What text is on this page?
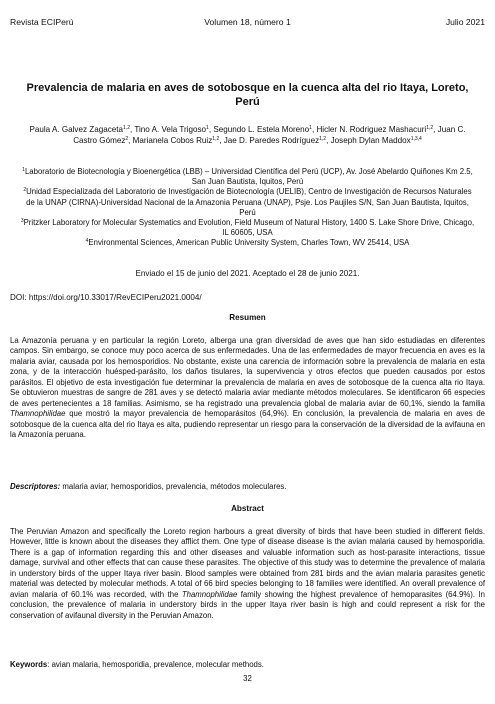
Revista ECIPerú	Volumen 18, número 1	Julio 2021
Prevalencia de malaria en aves de sotobosque en la cuenca alta del rio Itaya, Loreto, Perú
Paula A. Galvez Zagaceta$^{1,2}$, Tino A. Vela Trigoso$^1$, Segundo L. Estela Moreno$^1$, Hicler N. Rodriguez Mashacuri$^{1,2}$, Juan C. Castro Gómez$^2$, Marianela Cobos Ruiz$^{1,2}$, Jae D. Paredes Rodríguez$^{1,2}$, Joseph Dylan Maddox$^{1,3,4}$

$^1$Laboratorio de Biotecnología y Bioenergética (LBB) – Universidad Científica del Perú (UCP), Av. José Abelardo Quiñones Km 2.5, San Juan Bautista, Iquitos, Perú

$^2$Unidad Especializada del Laboratorio de Investigación de Biotecnología (UELIB), Centro de Investigación de Recursos Naturales de la UNAP (CIRNA)-Universidad Nacional de la Amazonia Peruana (UNAP), Psje. Los Paujiles S/N, San Juan Bautista, Iquitos, Perú

$^3$Pritzker Laboratory for Molecular Systematics and Evolution, Field Museum of Natural History, 1400 S. Lake Shore Drive, Chicago, IL 60605, USA

$^4$Environmental Sciences, American Public University System, Charles Town, WV 25414, USA

Enviado el 15 de junio del 2021. Aceptado el 28 de junio 2021.
DOI: https://doi.org/10.33017/RevECIPeru2021.0004/
Resumen

La Amazonía peruana y en particular la región Loreto, alberga una gran diversidad de aves que han sido estudiadas en diferentes campos. Sin embargo, se conoce muy poco acerca de sus enfermedades. Una de las enfermedades de mayor frecuencia en aves es la malaria aviar, causada por los hemosporidios. No obstante, existe una carencia de información sobre la prevalencia de malaria en esta zona, y de la interacción huésped-parásito, los daños tisulares, la supervivencia y otros efectos que pueden causados por estos parásitos. El objetivo de esta investigación fue determinar la prevalencia de malaria en aves de sotobosque de la cuenca alta rio Itaya. Se obtuvieron muestras de sangre de 281 aves y se detectó malaria aviar mediante métodos moleculares. Se identificaron 66 especies de aves pertenecientes a 18 familias. Asimismo, se ha registrado una prevalencia global de malaria aviar de 60,1%, siendo la familia Thamnophilidae que mostró la mayor prevalencia de hemoparásitos (64,9%). En conclusión, la prevalencia de malaria en aves de sotobosque de la cuenca alta del rio Itaya es alta, pudiendo representar un riesgo para la conservación de la diversidad de la avifauna en la Amazonía peruana.

Descriptores: malaria aviar, hemosporidios, prevalencia, métodos moleculares.

Abstract

The Peruvian Amazon and specifically the Loreto region harbours a great diversity of birds that have been studied in different fields. However, little is known about the diseases they afflict them. One type of disease disease is the avian malaria caused by hemosporidia. There is a gap of information regarding this and other diseases and valuable information such as host-parasite interactions, tissue damage, survival and other effects that can cause these parasites. The objective of this study was to determine the prevalence of malaria in understory birds of the upper Itaya river basin. Blood samples were obtained from 281 birds and the avian malaria parasites genetic material was detected by molecular methods. A total of 66 bird species belonging to 18 families were identified. An overall prevalence of avian malaria of 60.1% was recorded, with the Thamnophilidae family showing the highest prevalence of hemoparasites (64.9%). In conclusion, the prevalence of malaria in understory birds in the upper Itaya river basin is high and could represent a risk for the conservation of avifaunal diversity in the Peruvian Amazon.

Keywords: avian malaria, hemosporidia, prevalence, molecular methods.

32
